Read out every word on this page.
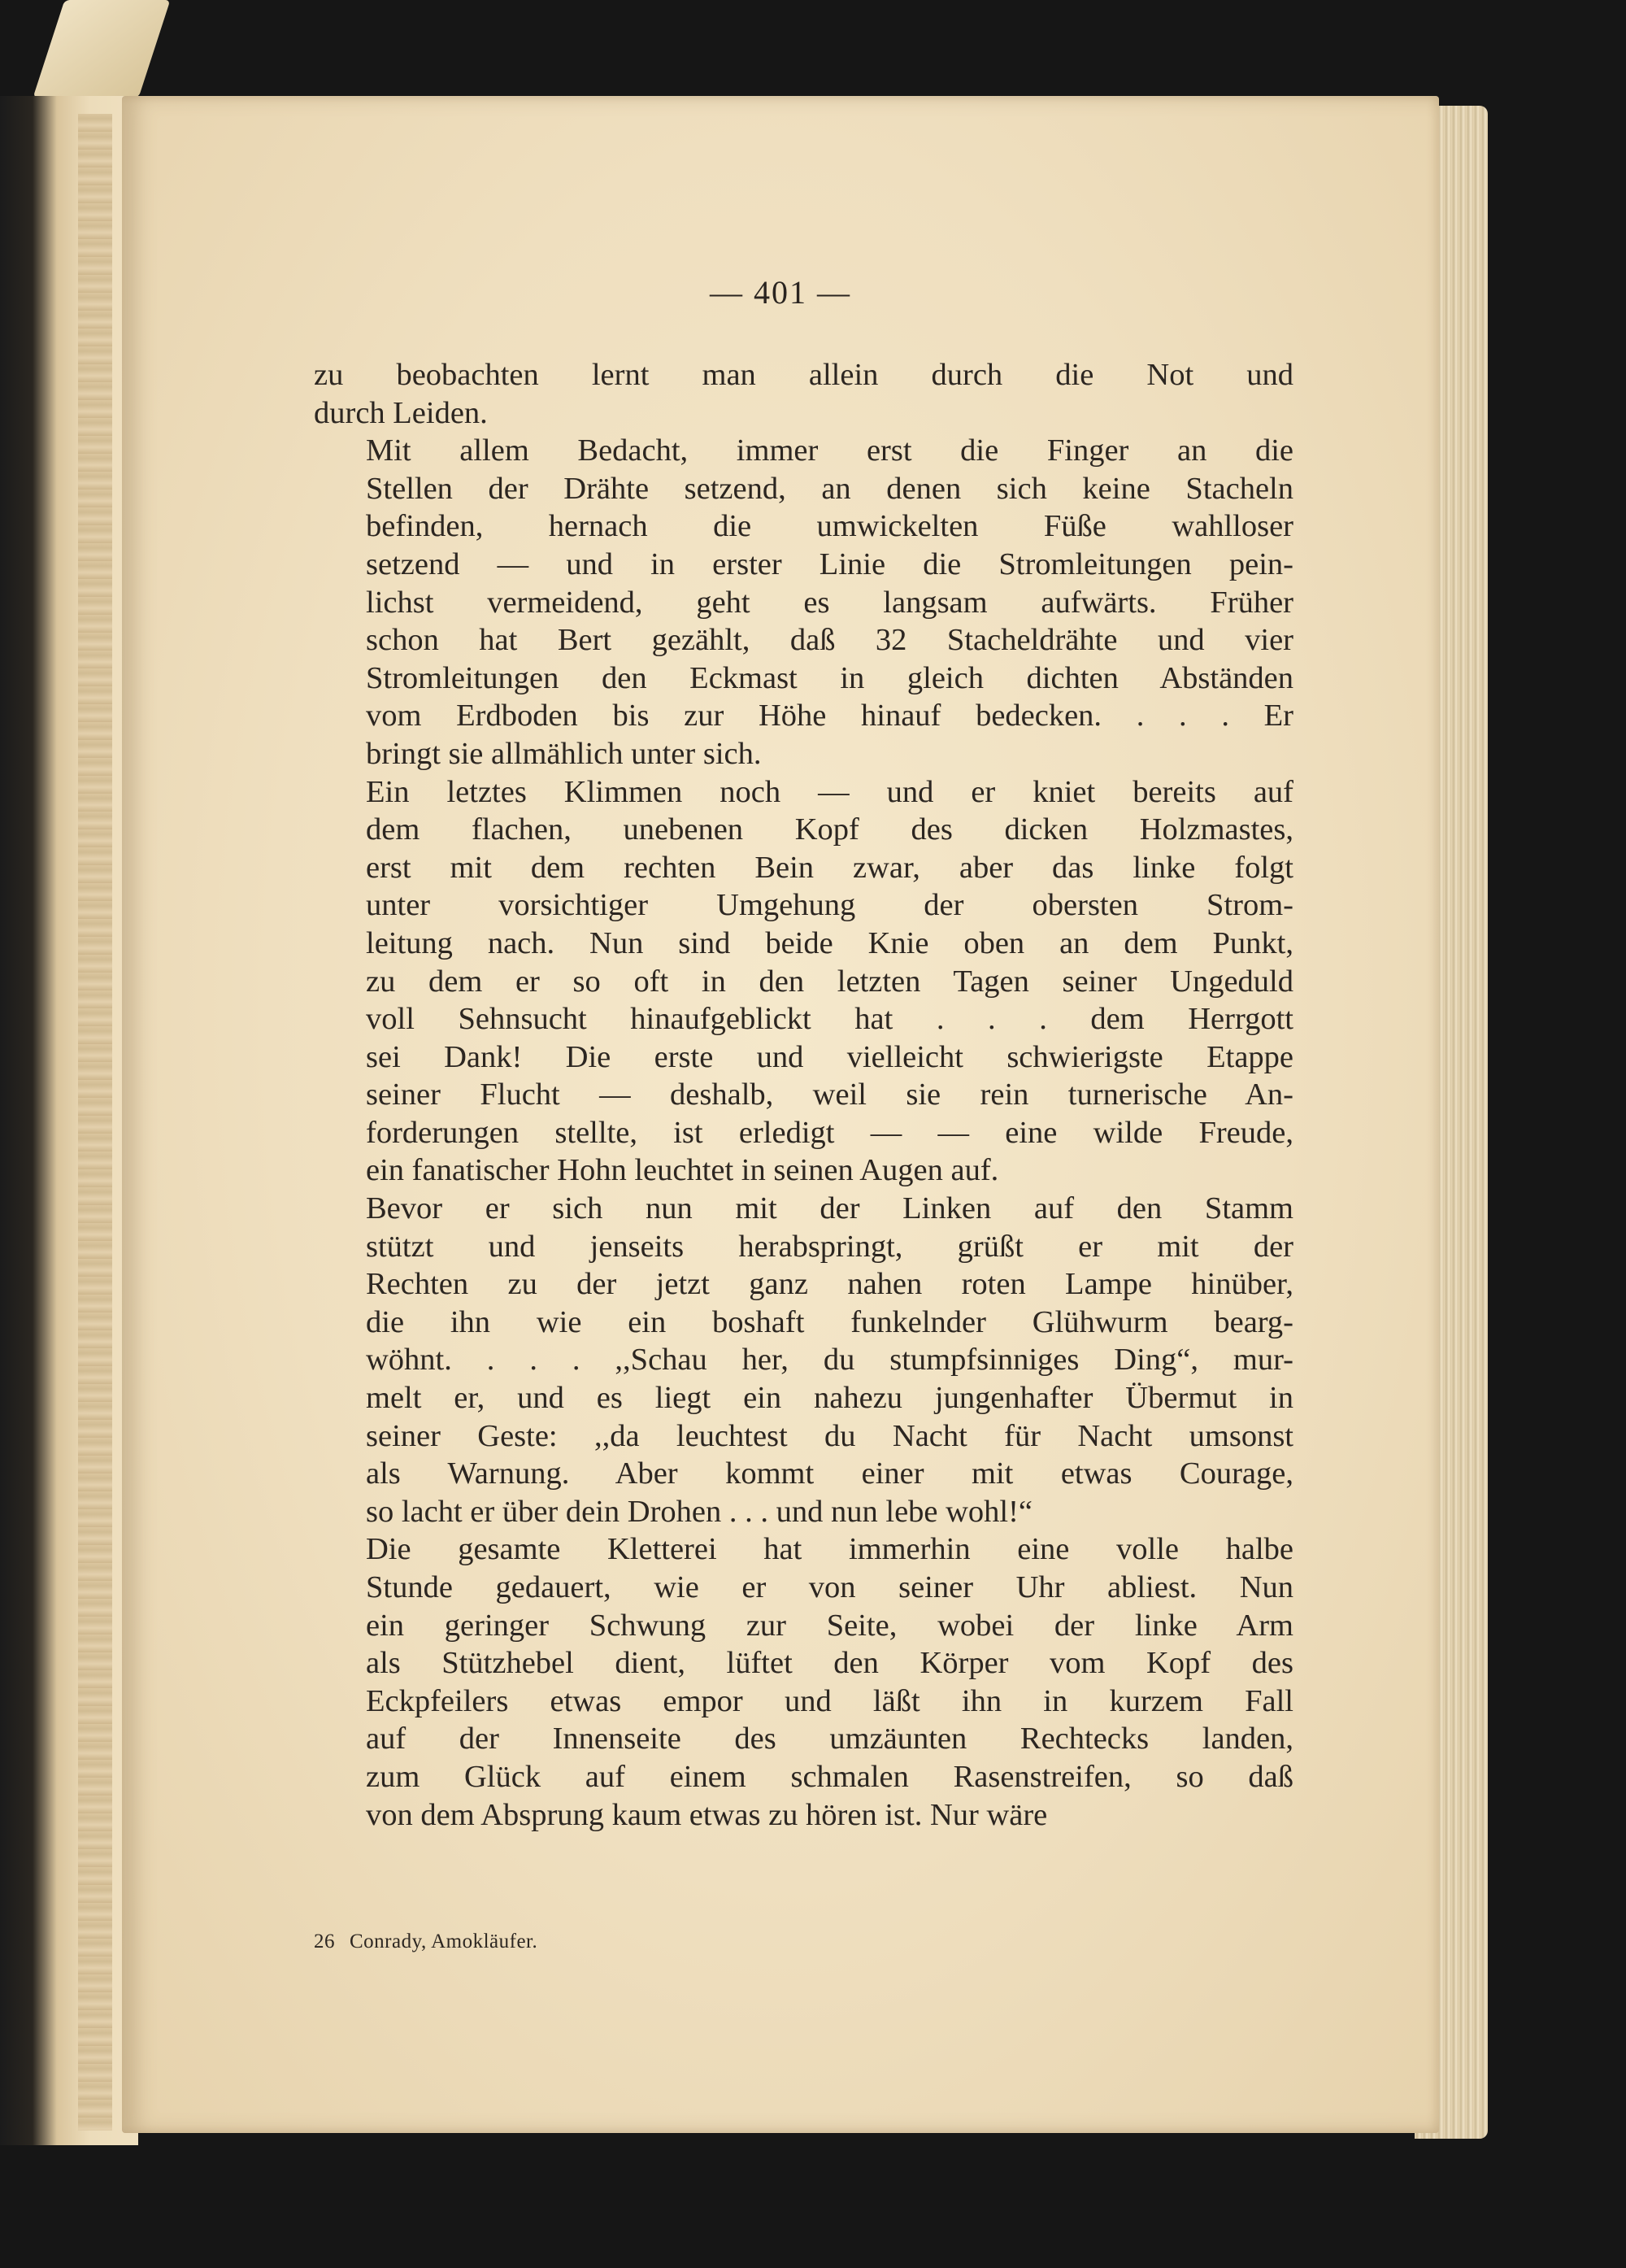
— 401 —

zu beobachten lernt man allein durch die Not und
durch Leiden.

Mit allem Bedacht, immer erst die Finger an die
Stellen der Drähte setzend, an denen sich keine Stacheln
befinden, hernach die umwickelten Füße wahlloser
setzend — und in erster Linie die Stromleitungen pein-
lichst vermeidend, geht es langsam aufwärts. Früher
schon hat Bert gezählt, daß 32 Stacheldrähte und vier
Stromleitungen den Eckmast in gleich dichten Abständen
vom Erdboden bis zur Höhe hinauf bedecken. . . . Er
bringt sie allmählich unter sich.

Ein letztes Klimmen noch — und er kniet bereits auf
dem flachen, unebenen Kopf des dicken Holzmastes,
erst mit dem rechten Bein zwar, aber das linke folgt
unter vorsichtiger Umgehung der obersten Strom-
leitung nach. Nun sind beide Knie oben an dem Punkt,
zu dem er so oft in den letzten Tagen seiner Ungeduld
voll Sehnsucht hinaufgeblickt hat . . . dem Herrgott
sei Dank! Die erste und vielleicht schwierigste Etappe
seiner Flucht — deshalb, weil sie rein turnerische An-
forderungen stellte, ist erledigt — — eine wilde Freude,
ein fanatischer Hohn leuchtet in seinen Augen auf.

Bevor er sich nun mit der Linken auf den Stamm
stützt und jenseits herabspringt, grüßt er mit der
Rechten zu der jetzt ganz nahen roten Lampe hinüber,
die ihn wie ein boshaft funkelnder Glühwurm bearg-
wöhnt. . . . ,,Schau her, du stumpfsinniges Ding“, mur-
melt er, und es liegt ein nahezu jungenhafter Übermut in
seiner Geste: ,,da leuchtest du Nacht für Nacht umsonst
als Warnung. Aber kommt einer mit etwas Courage,
so lacht er über dein Drohen . . . und nun lebe wohl!“

Die gesamte Kletterei hat immerhin eine volle halbe
Stunde gedauert, wie er von seiner Uhr abliest. Nun
ein geringer Schwung zur Seite, wobei der linke Arm
als Stützhebel dient, lüftet den Körper vom Kopf des
Eckpfeilers etwas empor und läßt ihn in kurzem Fall
auf der Innenseite des umzäunten Rechtecks landen,
zum Glück auf einem schmalen Rasenstreifen, so daß
von dem Absprung kaum etwas zu hören ist. Nur wäre

26 Conrady, Amokläufer.
